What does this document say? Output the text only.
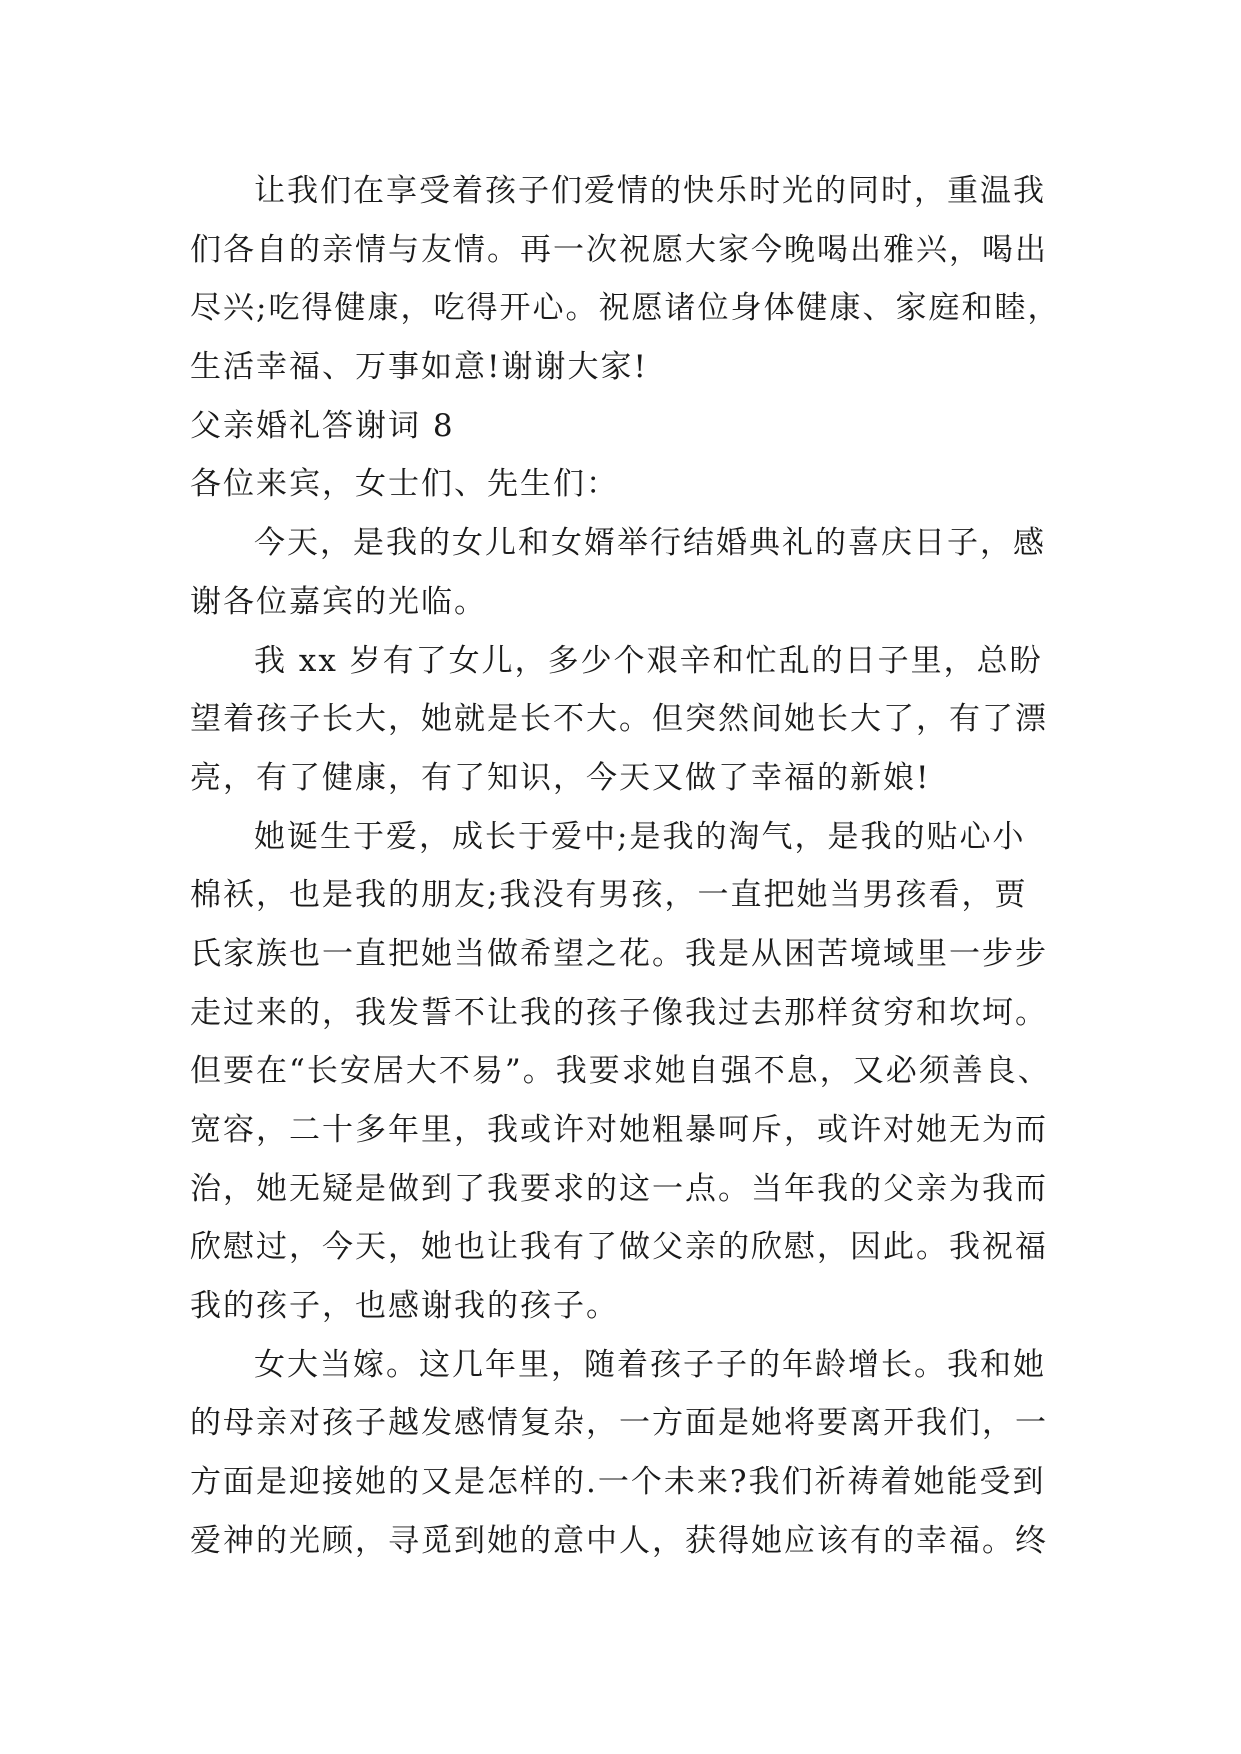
让我们在享受着孩子们爱情的快乐时光的同时，重温我
们各自的亲情与友情。再一次祝愿大家今晚喝出雅兴，喝出
尽兴;吃得健康，吃得开心。祝愿诸位身体健康、家庭和睦，
生活幸福、万事如意!谢谢大家!
父亲婚礼答谢词 8
各位来宾，女士们、先生们：
今天，是我的女儿和女婿举行结婚典礼的喜庆日子，感
谢各位嘉宾的光临。
我 xx 岁有了女儿，多少个艰辛和忙乱的日子里，总盼
望着孩子长大，她就是长不大。但突然间她长大了，有了漂
亮，有了健康，有了知识，今天又做了幸福的新娘!
她诞生于爱，成长于爱中;是我的淘气，是我的贴心小
棉袄，也是我的朋友;我没有男孩，一直把她当男孩看，贾
氏家族也一直把她当做希望之花。我是从困苦境域里一步步
走过来的，我发誓不让我的孩子像我过去那样贫穷和坎坷。
但要在“长安居大不易”。我要求她自强不息，又必须善良、
宽容，二十多年里，我或许对她粗暴呵斥，或许对她无为而
治，她无疑是做到了我要求的这一点。当年我的父亲为我而
欣慰过，今天，她也让我有了做父亲的欣慰，因此。我祝福
我的孩子，也感谢我的孩子。
女大当嫁。这几年里，随着孩子子的年龄增长。我和她
的母亲对孩子越发感情复杂，一方面是她将要离开我们，一
方面是迎接她的又是怎样的.一个未来?我们祈祷着她能受到
爱神的光顾，寻觅到她的意中人，获得她应该有的幸福。终
